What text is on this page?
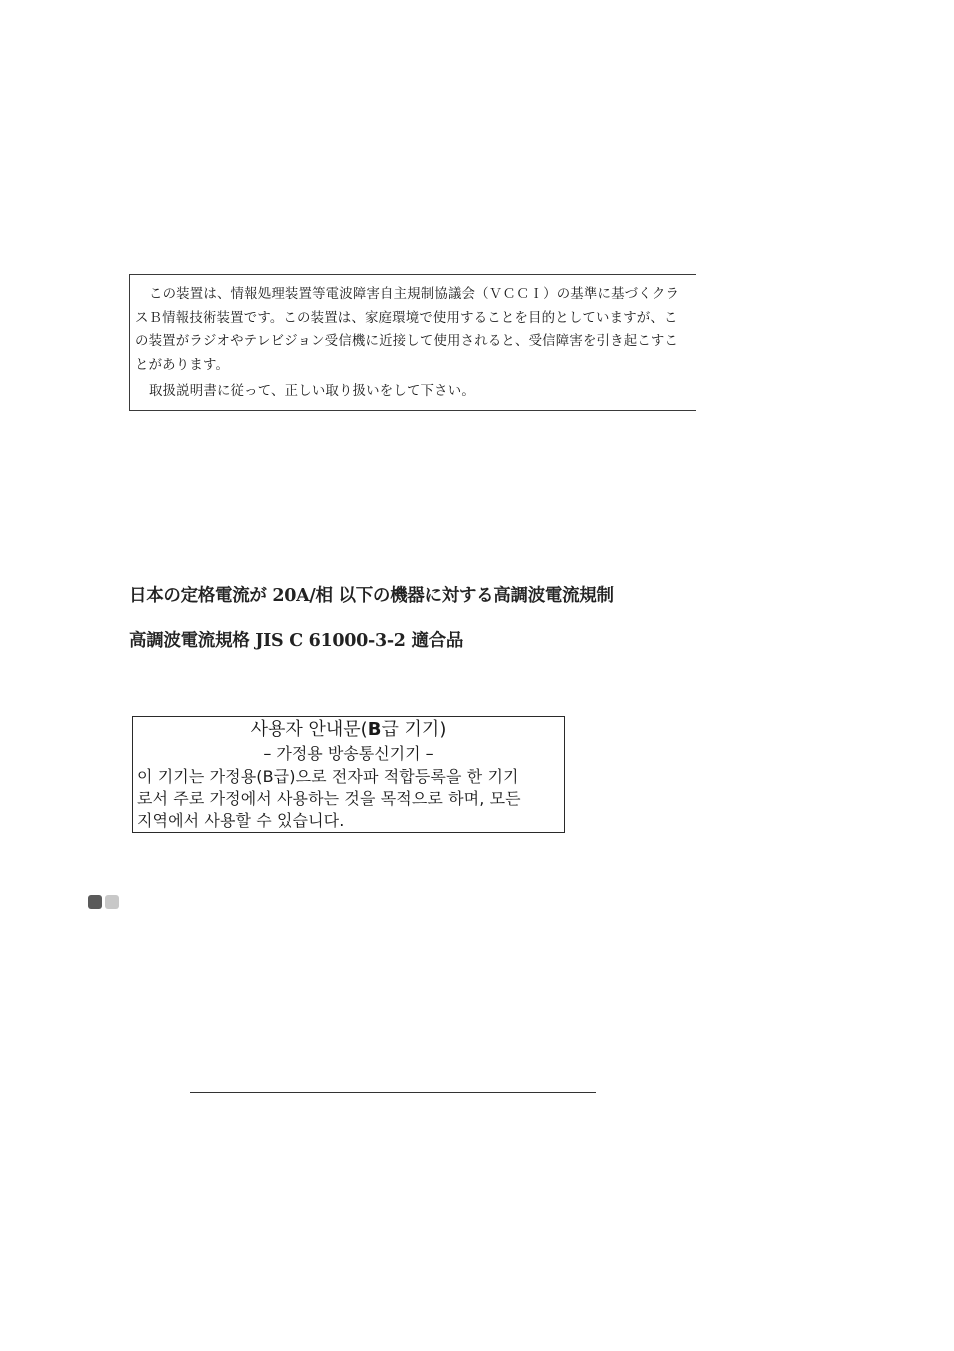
この装置は、情報処理装置等電波障害自主規制協議会（ＶＣＣＩ）の基準に基づくクラスＢ情報技術装置です。この装置は、家庭環境で使用することを目的としていますが、この装置がラジオやテレビジョン受信機に近接して使用されると、受信障害を引き起こすことがあります。

取扱説明書に従って、正しい取り扱いをして下さい。

日本の定格電流が 20A/相 以下の機器に対する高調波電流規制
高調波電流規格 JIS C 61000-3-2 適合品
사용자 안내문(B급 기기)
– 가정용 방송통신기기 –
이 기기는 가정용(B급)으로 전자파 적합등록을 한 기기
로서 주로 가정에서 사용하는 것을 목적으로 하며, 모든
지역에서 사용할 수 있습니다.
